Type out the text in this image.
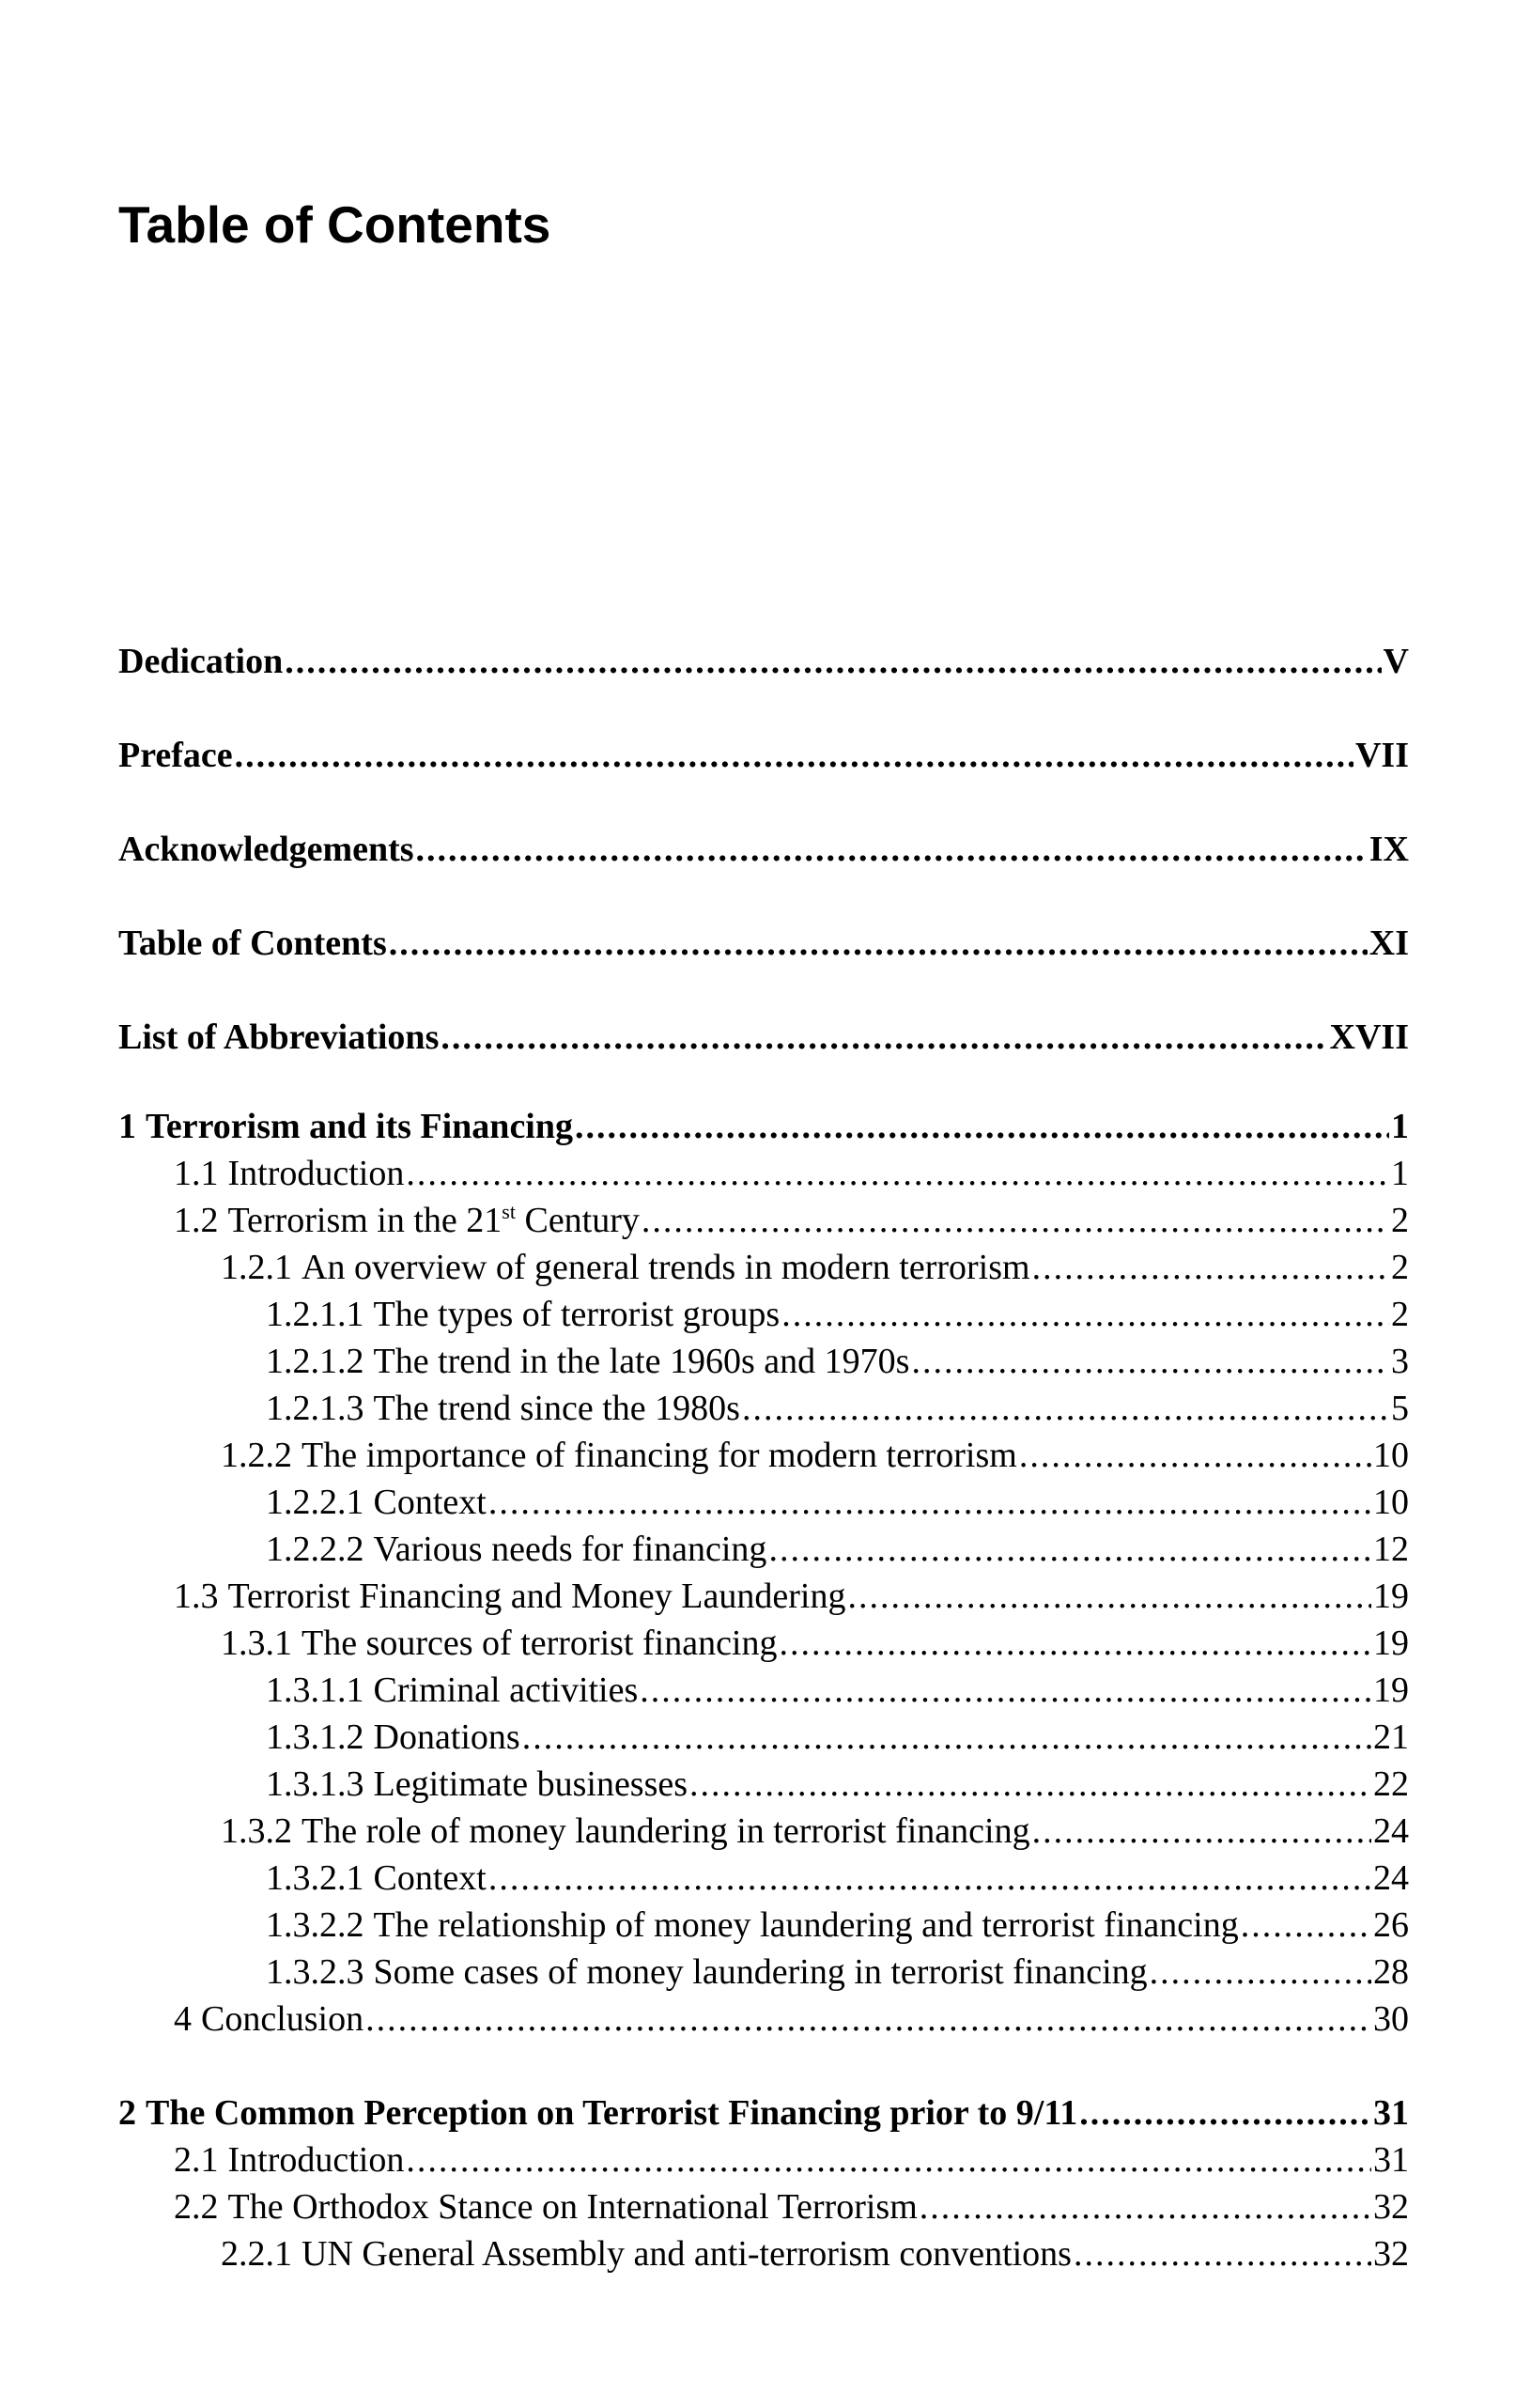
Table of Contents
Dedication .....	V
Preface .....	VII
Acknowledgements .....	IX
Table of Contents .....	XI
List of Abbreviations .....	XVII
1 Terrorism and its Financing .....	1
1.1 Introduction .....	1
1.2 Terrorism in the 21st Century .....	2
1.2.1 An overview of general trends in modern terrorism .....	2
1.2.1.1 The types of terrorist groups .....	2
1.2.1.2 The trend in the late 1960s and 1970s .....	3
1.2.1.3 The trend since the 1980s .....	5
1.2.2 The importance of financing for modern terrorism .....	10
1.2.2.1 Context .....	10
1.2.2.2 Various needs for financing .....	12
1.3 Terrorist Financing and Money Laundering .....	19
1.3.1 The sources of terrorist financing .....	19
1.3.1.1 Criminal activities .....	19
1.3.1.2 Donations .....	21
1.3.1.3 Legitimate businesses .....	22
1.3.2 The role of money laundering in terrorist financing .....	24
1.3.2.1 Context .....	24
1.3.2.2 The relationship of money laundering and terrorist financing .....	26
1.3.2.3 Some cases of money laundering in terrorist financing .....	28
4 Conclusion .....	30
2 The Common Perception on Terrorist Financing prior to 9/11 .....	31
2.1 Introduction .....	31
2.2 The Orthodox Stance on International Terrorism .....	32
2.2.1 UN General Assembly and anti-terrorism conventions .....	32
